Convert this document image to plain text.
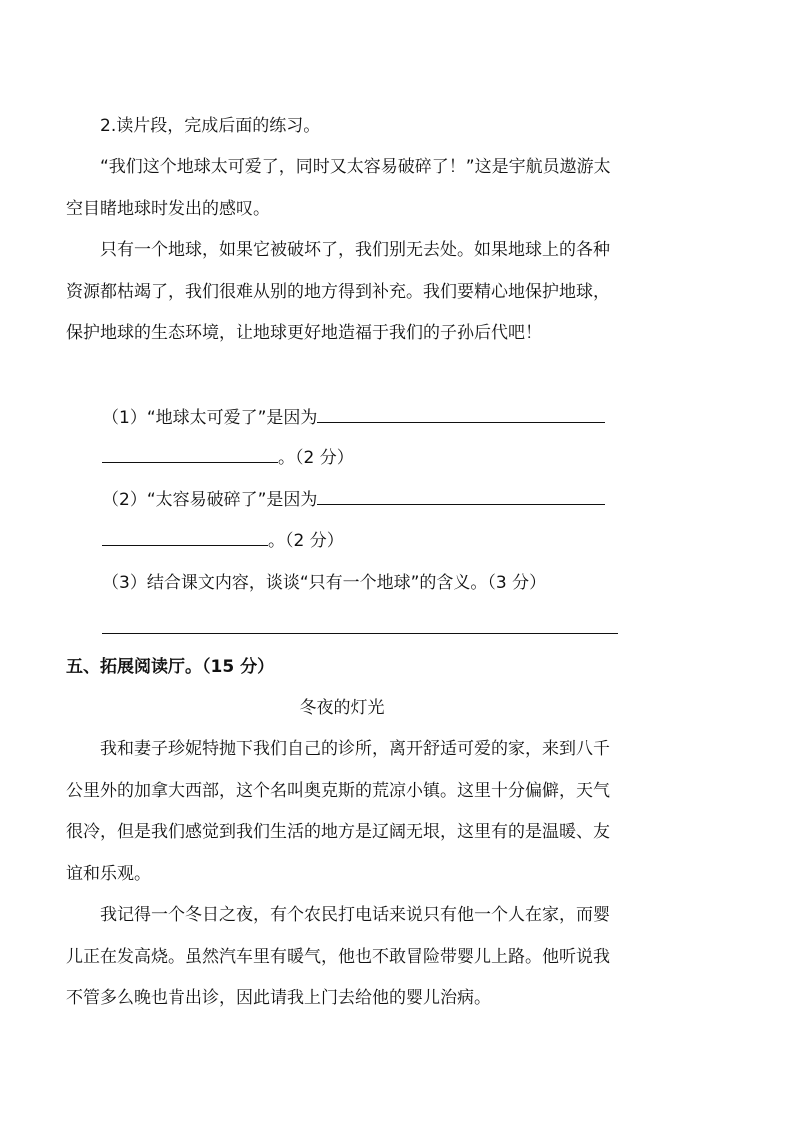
2.读片段，完成后面的练习。

“我们这个地球太可爱了，同时又太容易破碎了！”这是宇航员遨游太空目睹地球时发出的感叹。

只有一个地球，如果它被破坏了，我们别无去处。如果地球上的各种资源都枯竭了，我们很难从别的地方得到补充。我们要精心地保护地球，保护地球的生态环境，让地球更好地造福于我们的子孙后代吧！

（1）“地球太可爱了”是因为
。（2 分）
（2）“太容易破碎了”是因为
。（2 分）
（3）结合课文内容，谈谈“只有一个地球”的含义。（3 分）
五、拓展阅读厅。（15 分）
冬夜的灯光

我和妻子珍妮特抛下我们自己的诊所，离开舒适可爱的家，来到八千公里外的加拿大西部，这个名叫奥克斯的荒凉小镇。这里十分偏僻，天气很冷，但是我们感觉到我们生活的地方是辽阔无垠，这里有的是温暖、友谊和乐观。

我记得一个冬日之夜，有个农民打电话来说只有他一个人在家，而婴儿正在发高烧。虽然汽车里有暖气，他也不敢冒险带婴儿上路。他听说我不管多么晚也肯出诊，因此请我上门去给他的婴儿治病。
